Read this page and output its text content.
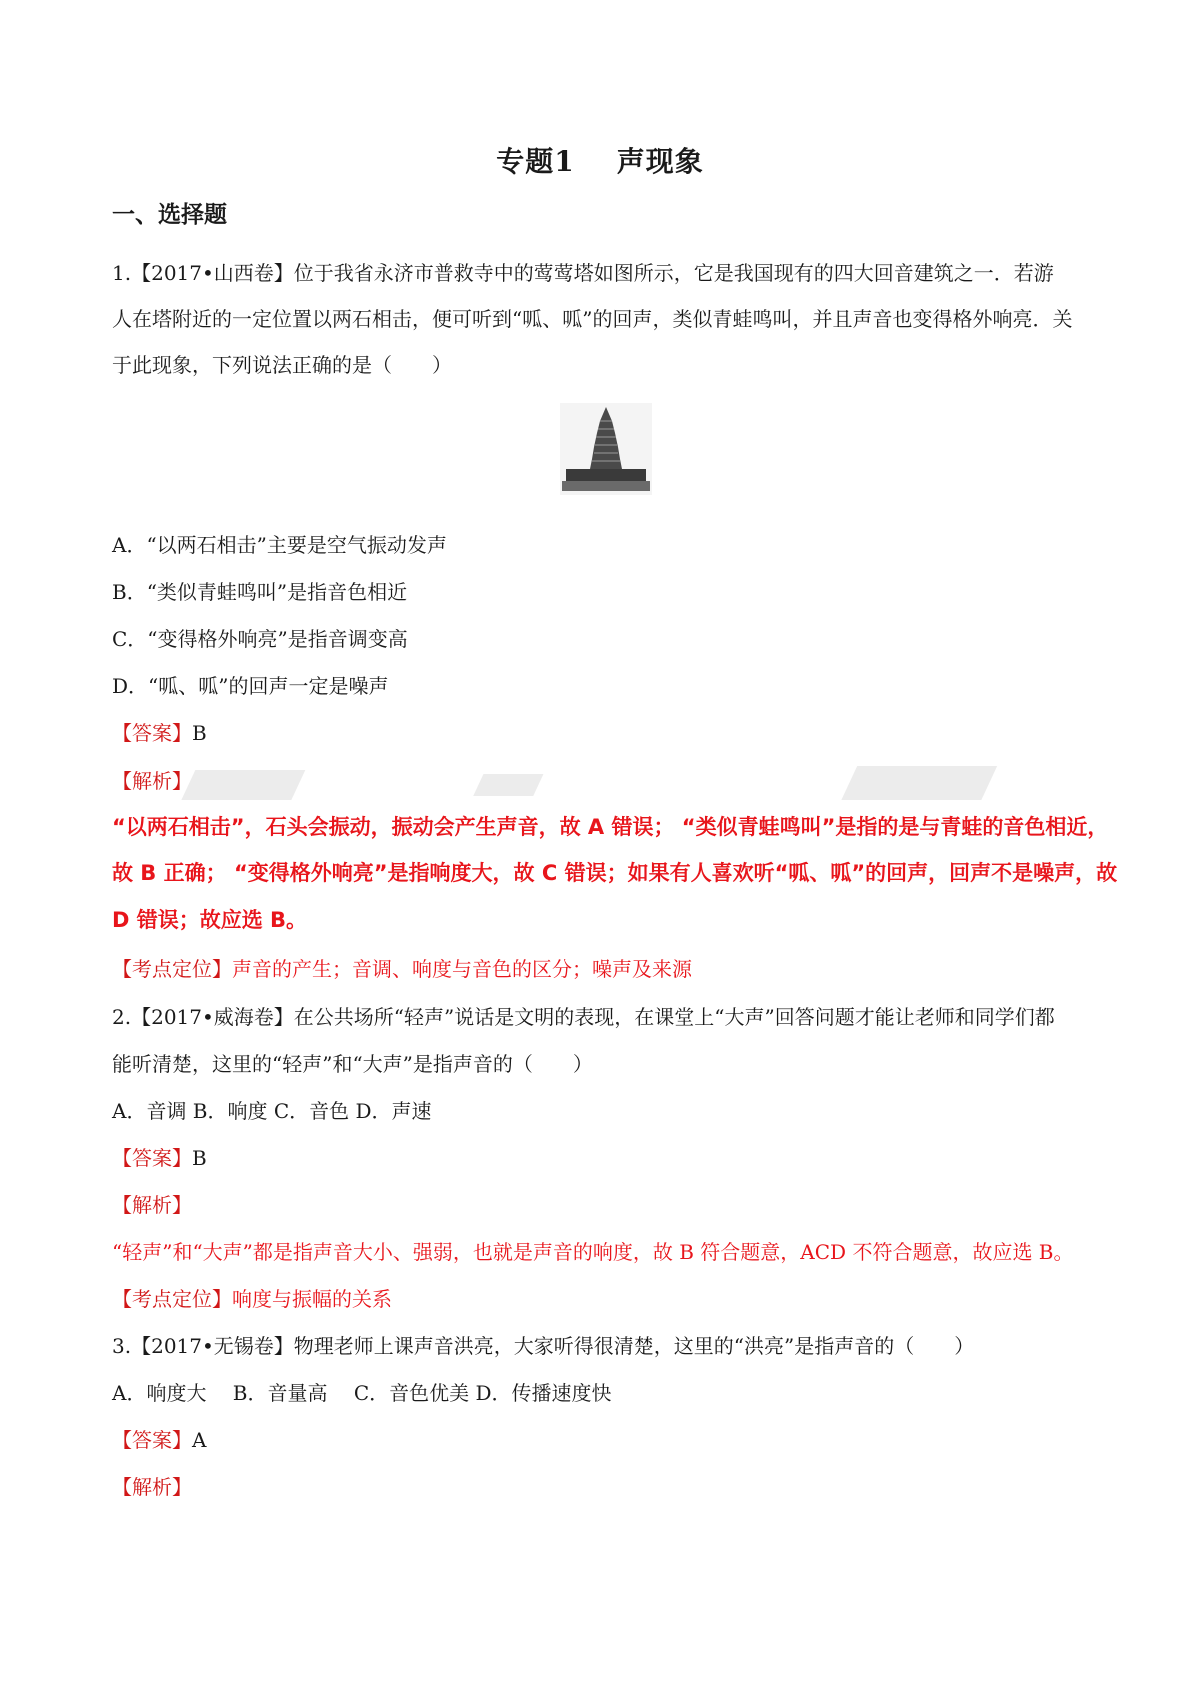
专题1 声现象
一、选择题
1.【2017•山西卷】位于我省永济市普救寺中的莺莺塔如图所示，它是我国现有的四大回音建筑之一．若游
人在塔附近的一定位置以两石相击，便可听到“呱、呱”的回声，类似青蛙鸣叫，并且声音也变得格外响亮．关
于此现象，下列说法正确的是（　　）
A．“以两石相击”主要是空气振动发声
B．“类似青蛙鸣叫”是指音色相近
C．“变得格外响亮”是指音调变高
D．“呱、呱”的回声一定是噪声
【答案】B
【解析】
“以两石相击”，石头会振动，振动会产生声音，故 A 错误； “类似青蛙鸣叫”是指的是与青蛙的音色相近，
故 B 正确； “变得格外响亮”是指响度大，故 C 错误；如果有人喜欢听“呱、呱”的回声，回声不是噪声，故
D 错误；故应选 B。
【考点定位】声音的产生；音调、响度与音色的区分；噪声及来源
2.【2017•威海卷】在公共场所“轻声”说话是文明的表现，在课堂上“大声”回答问题才能让老师和同学们都
能听清楚，这里的“轻声”和“大声”是指声音的（　　）
A．音调 B．响度 C．音色 D．声速
【答案】B
【解析】
“轻声”和“大声”都是指声音大小、强弱，也就是声音的响度，故 B 符合题意，ACD 不符合题意，故应选 B。
【考点定位】响度与振幅的关系
3.【2017•无锡卷】物理老师上课声音洪亮，大家听得很清楚，这里的“洪亮”是指声音的（　　）
A．响度大　 B．音量高　 C．音色优美 D．传播速度快
【答案】A
【解析】
